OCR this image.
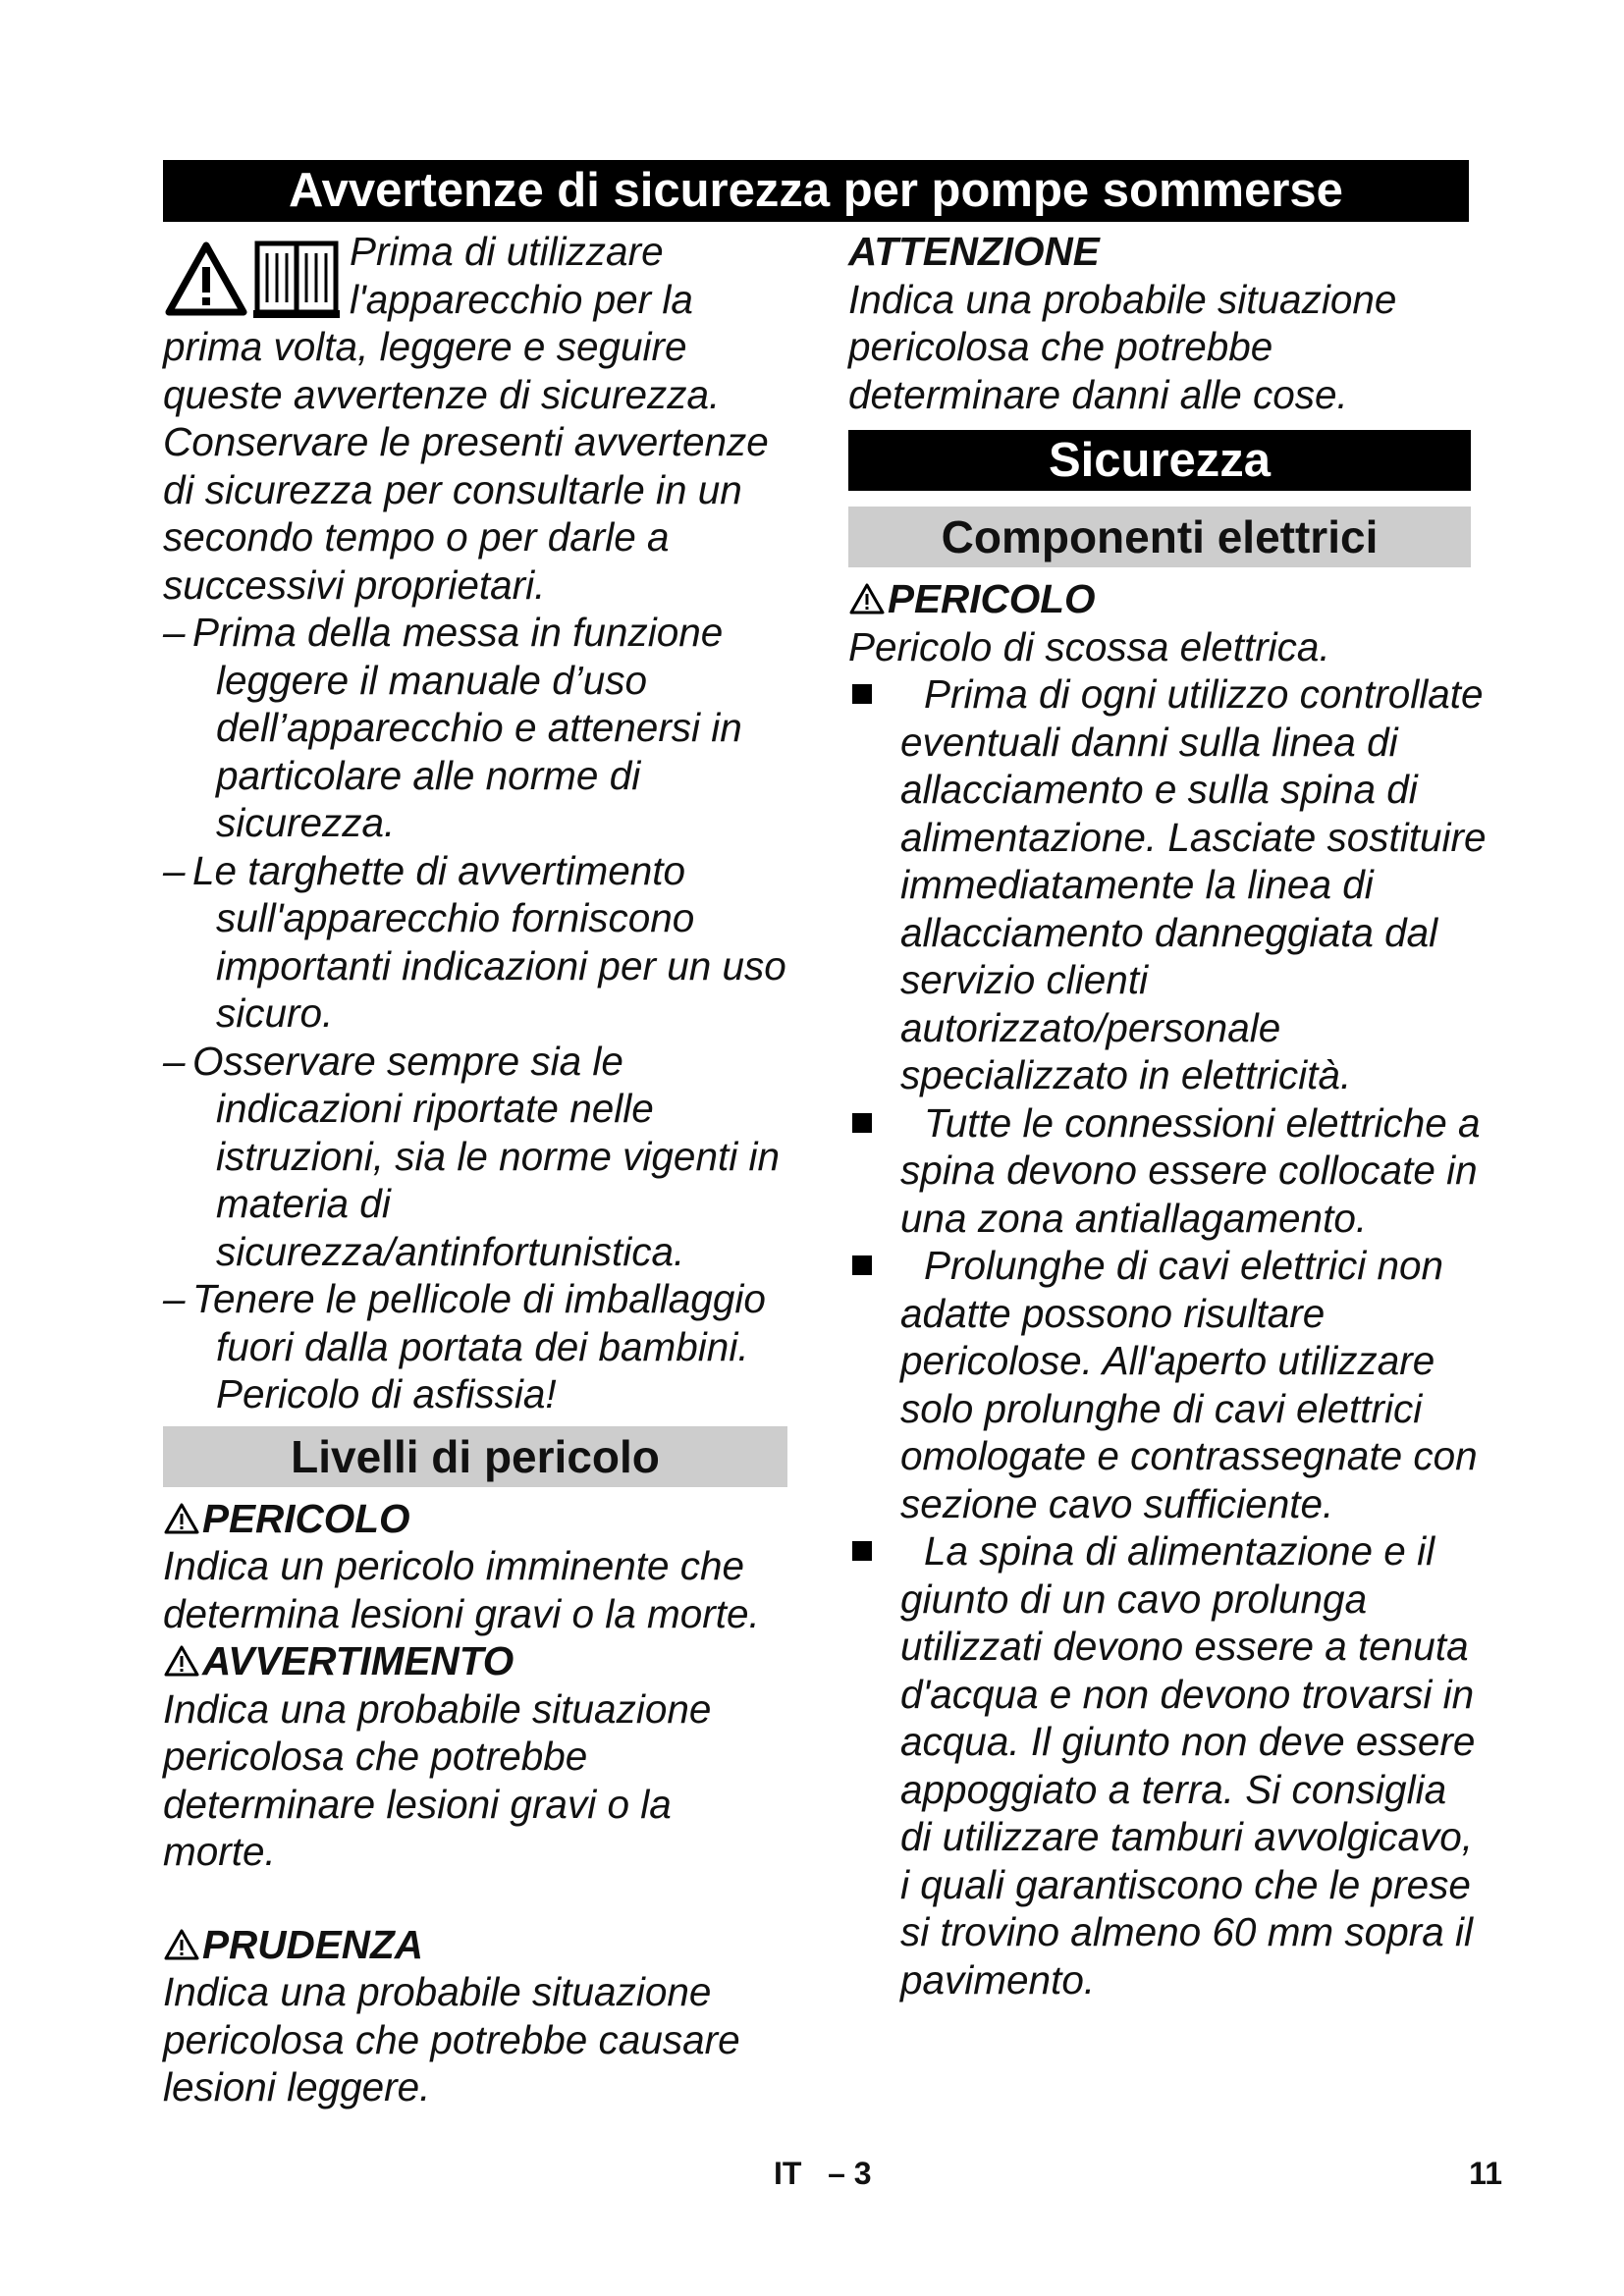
Avvertenze di sicurezza per pompe sommerse

Prima di utilizzare l'apparecchio per la prima volta, leggere e seguire queste avvertenze di sicurezza. Conservare le presenti avvertenze di sicurezza per consultarle in un secondo tempo o per darle a successivi proprietari.

– Prima della messa in funzione leggere il manuale d’uso dell’apparecchio e attenersi in particolare alle norme di sicurezza.
– Le targhette di avvertimento sull'apparecchio forniscono importanti indicazioni per un uso sicuro.
– Osservare sempre sia le indicazioni riportate nelle istruzioni, sia le norme vigenti in materia di sicurezza/antinfortunistica.
– Tenere le pellicole di imballaggio fuori dalla portata dei bambini. Pericolo di asfissia!
Livelli di pericolo

PERICOLO

Indica un pericolo imminente che determina lesioni gravi o la morte.

AVVERTIMENTO

Indica una probabile situazione pericolosa che potrebbe determinare lesioni gravi o la morte.

PRUDENZA

Indica una probabile situazione pericolosa che potrebbe causare lesioni leggere.

ATTENZIONE

Indica una probabile situazione pericolosa che potrebbe determinare danni alle cose.

Sicurezza
Componenti elettrici

PERICOLO

Pericolo di scossa elettrica.

Prima di ogni utilizzo controllate eventuali danni sulla linea di allacciamento e sulla spina di alimentazione. Lasciate sostituire immediatamente la linea di allacciamento danneggiata dal servizio clienti autorizzato/personale specializzato in elettricità.
Tutte le connessioni elettriche a spina devono essere collocate in una zona antiallagamento.
Prolunghe di cavi elettrici non adatte possono risultare pericolose. All'aperto utilizzare solo prolunghe di cavi elettrici omologate e contrassegnate con sezione cavo sufficiente.
La spina di alimentazione e il giunto di un cavo prolunga utilizzati devono essere a tenuta d'acqua e non devono trovarsi in acqua. Il giunto non deve essere appoggiato a terra. Si consiglia di utilizzare tamburi avvolgicavo, i quali garantiscono che le prese si trovino almeno 60 mm sopra il pavimento.
IT – 3	11
